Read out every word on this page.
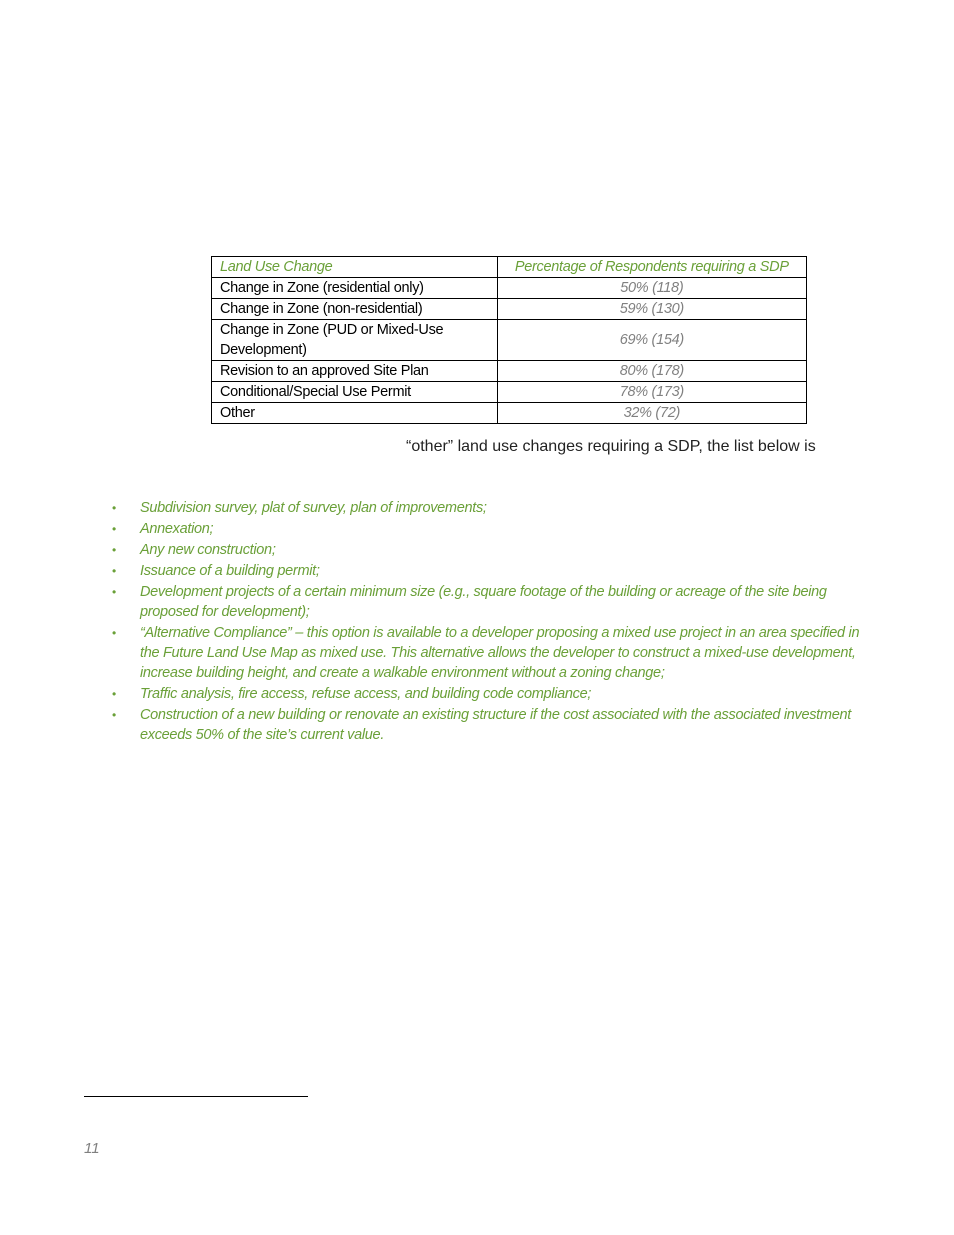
Land Use Change	Percentage of Respondents requiring a SDP
Change in Zone (residential only)	50% (118)
Change in Zone (non-residential)	59% (130)
Change in Zone (PUD or Mixed-Use Development)	69% (154)
Revision to an approved Site Plan	80% (178)
Conditional/Special Use Permit	78% (173)
Other	32% (72)
“other” land use changes requiring a SDP, the list below is
• Subdivision survey, plat of survey, plan of improvements;
• Annexation;
• Any new construction;
• Issuance of a building permit;
• Development projects of a certain minimum size (e.g., square footage of the building or acreage of the site being proposed for development);
• “Alternative Compliance” – this option is available to a developer proposing a mixed use project in an area specified in the Future Land Use Map as mixed use. This alternative allows the developer to construct a mixed-use development, increase building height, and create a walkable environment without a zoning change;
• Traffic analysis, fire access, refuse access, and building code compliance;
• Construction of a new building or renovate an existing structure if the cost associated with the associated investment exceeds 50% of the site’s current value.
11
